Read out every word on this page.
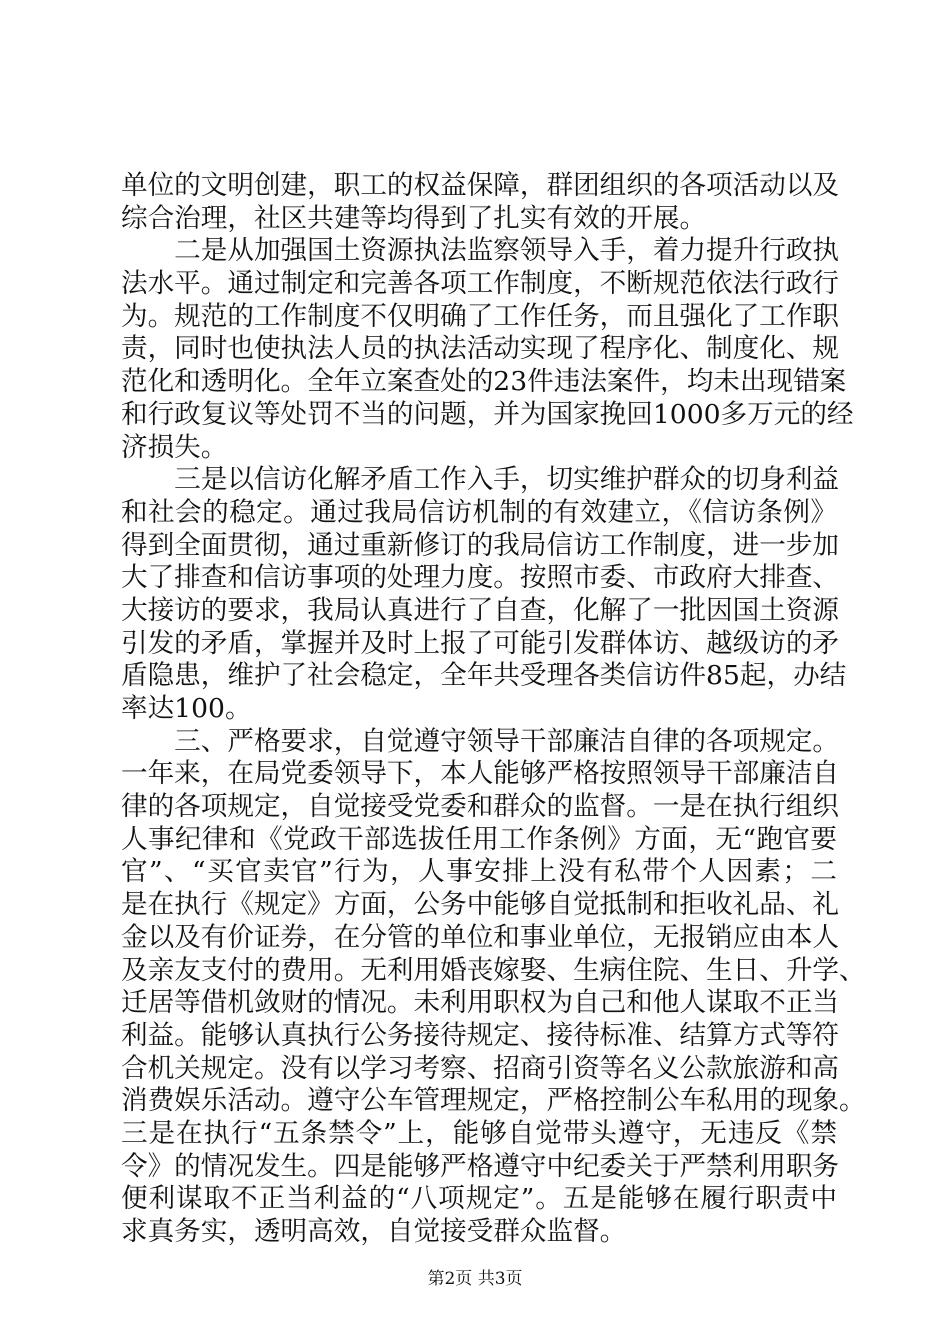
单位的文明创建，职工的权益保障，群团组织的各项活动以及
综合治理，社区共建等均得到了扎实有效的开展。
　　二是从加强国土资源执法监察领导入手，着力提升行政执
法水平。通过制定和完善各项工作制度，不断规范依法行政行
为。规范的工作制度不仅明确了工作任务，而且强化了工作职
责，同时也使执法人员的执法活动实现了程序化、制度化、规
范化和透明化。全年立案查处的23件违法案件，均未出现错案
和行政复议等处罚不当的问题，并为国家挽回1000多万元的经
济损失。
　　三是以信访化解矛盾工作入手，切实维护群众的切身利益
和社会的稳定。通过我局信访机制的有效建立，《信访条例》
得到全面贯彻，通过重新修订的我局信访工作制度，进一步加
大了排查和信访事项的处理力度。按照市委、市政府大排查、
大接访的要求，我局认真进行了自查，化解了一批因国土资源
引发的矛盾，掌握并及时上报了可能引发群体访、越级访的矛
盾隐患，维护了社会稳定，全年共受理各类信访件85起，办结
率达100。
　　三、严格要求，自觉遵守领导干部廉洁自律的各项规定。
一年来，在局党委领导下，本人能够严格按照领导干部廉洁自
律的各项规定，自觉接受党委和群众的监督。一是在执行组织
人事纪律和《党政干部选拔任用工作条例》方面，无“跑官要
官”、“买官卖官”行为，人事安排上没有私带个人因素；二
是在执行《规定》方面，公务中能够自觉抵制和拒收礼品、礼
金以及有价证券，在分管的单位和事业单位，无报销应由本人
及亲友支付的费用。无利用婚丧嫁娶、生病住院、生日、升学、
迁居等借机敛财的情况。未利用职权为自己和他人谋取不正当
利益。能够认真执行公务接待规定、接待标准、结算方式等符
合机关规定。没有以学习考察、招商引资等名义公款旅游和高
消费娱乐活动。遵守公车管理规定，严格控制公车私用的现象。
三是在执行“五条禁令”上，能够自觉带头遵守，无违反《禁
令》的情况发生。四是能够严格遵守中纪委关于严禁利用职务
便利谋取不正当利益的“八项规定”。五是能够在履行职责中
求真务实，透明高效，自觉接受群众监督。
第2页 共3页
